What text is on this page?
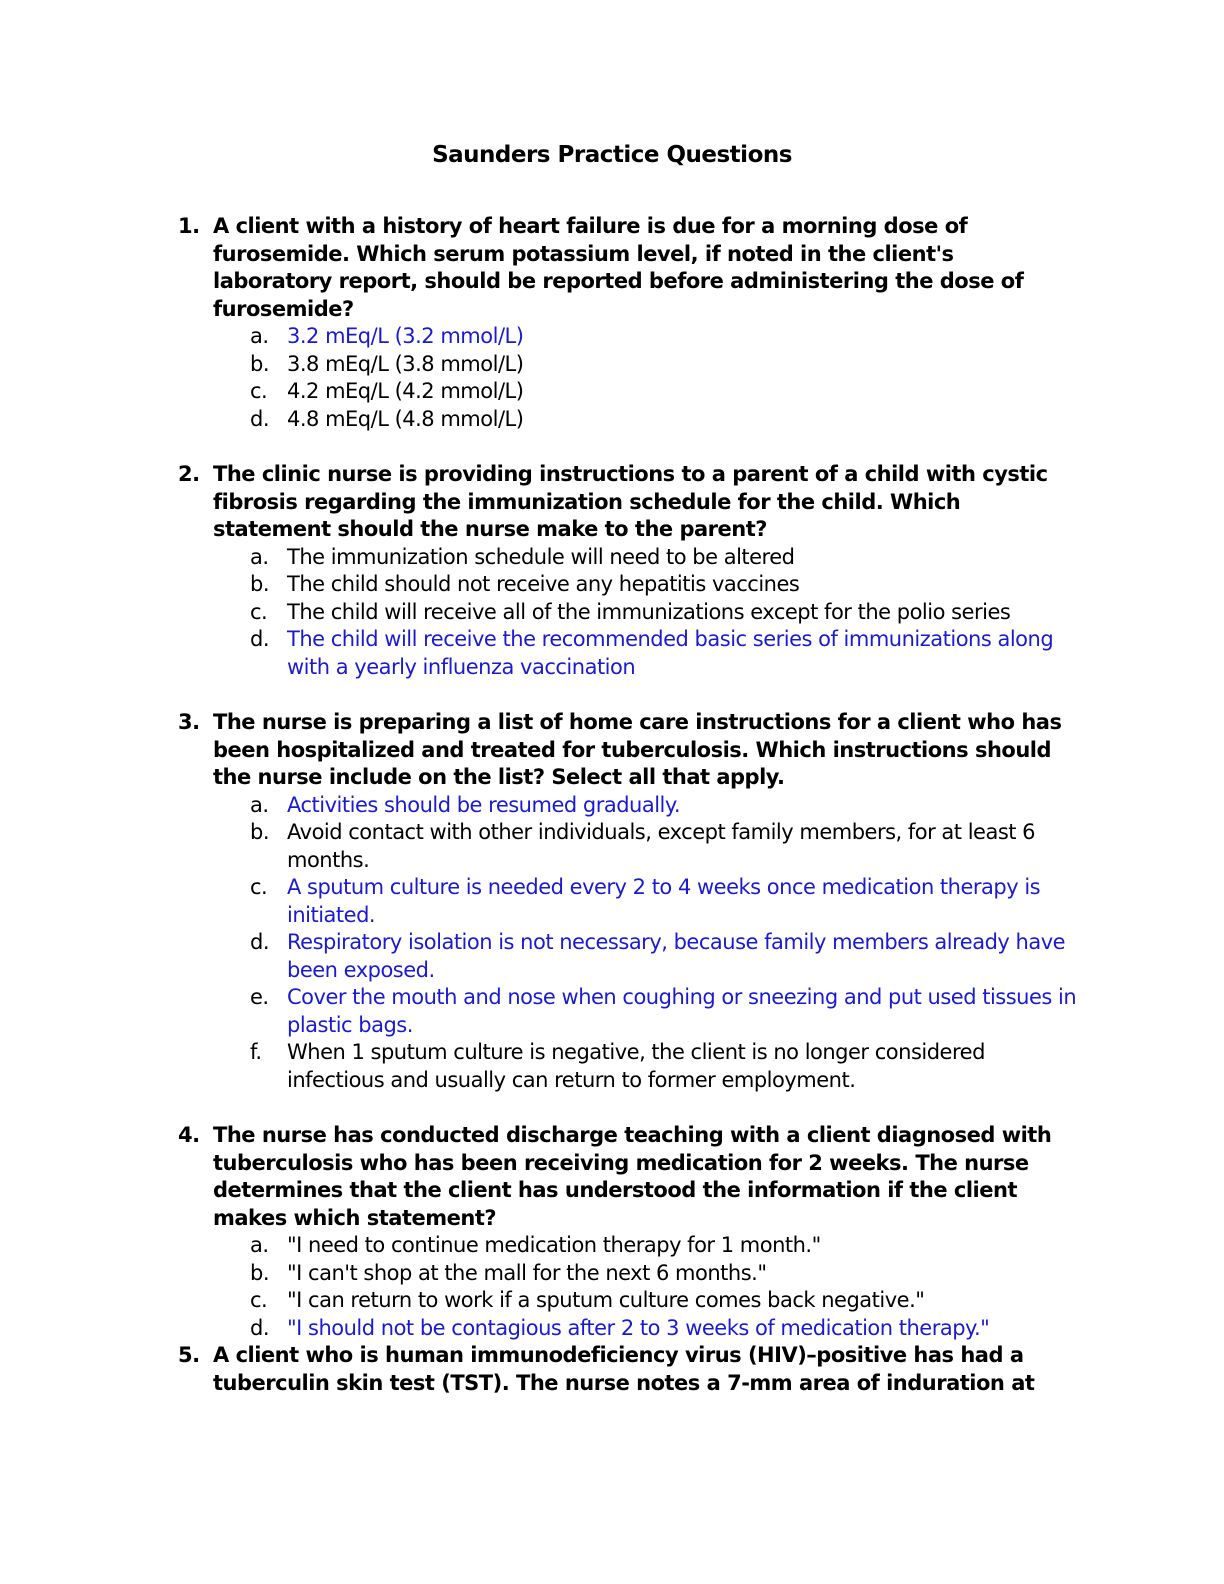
Saunders Practice Questions
1. A client with a history of heart failure is due for a morning dose of furosemide. Which serum potassium level, if noted in the client's laboratory report, should be reported before administering the dose of furosemide?
a. 3.2 mEq/L (3.2 mmol/L)
b. 3.8 mEq/L (3.8 mmol/L)
c. 4.2 mEq/L (4.2 mmol/L)
d. 4.8 mEq/L (4.8 mmol/L)
2. The clinic nurse is providing instructions to a parent of a child with cystic fibrosis regarding the immunization schedule for the child. Which statement should the nurse make to the parent?
a. The immunization schedule will need to be altered
b. The child should not receive any hepatitis vaccines
c. The child will receive all of the immunizations except for the polio series
d. The child will receive the recommended basic series of immunizations along with a yearly influenza vaccination
3. The nurse is preparing a list of home care instructions for a client who has been hospitalized and treated for tuberculosis. Which instructions should the nurse include on the list? Select all that apply.
a. Activities should be resumed gradually.
b. Avoid contact with other individuals, except family members, for at least 6 months.
c. A sputum culture is needed every 2 to 4 weeks once medication therapy is initiated.
d. Respiratory isolation is not necessary, because family members already have been exposed.
e. Cover the mouth and nose when coughing or sneezing and put used tissues in plastic bags.
f.	When 1 sputum culture is negative, the client is no longer considered infectious and usually can return to former employment.
4. The nurse has conducted discharge teaching with a client diagnosed with tuberculosis who has been receiving medication for 2 weeks. The nurse determines that the client has understood the information if the client makes which statement?
a. "I need to continue medication therapy for 1 month."
b. "I can't shop at the mall for the next 6 months."
c. "I can return to work if a sputum culture comes back negative."
d. "I should not be contagious after 2 to 3 weeks of medication therapy."
5. A client who is human immunodeficiency virus (HIV)–positive has had a tuberculin skin test (TST). The nurse notes a 7-mm area of induration at
